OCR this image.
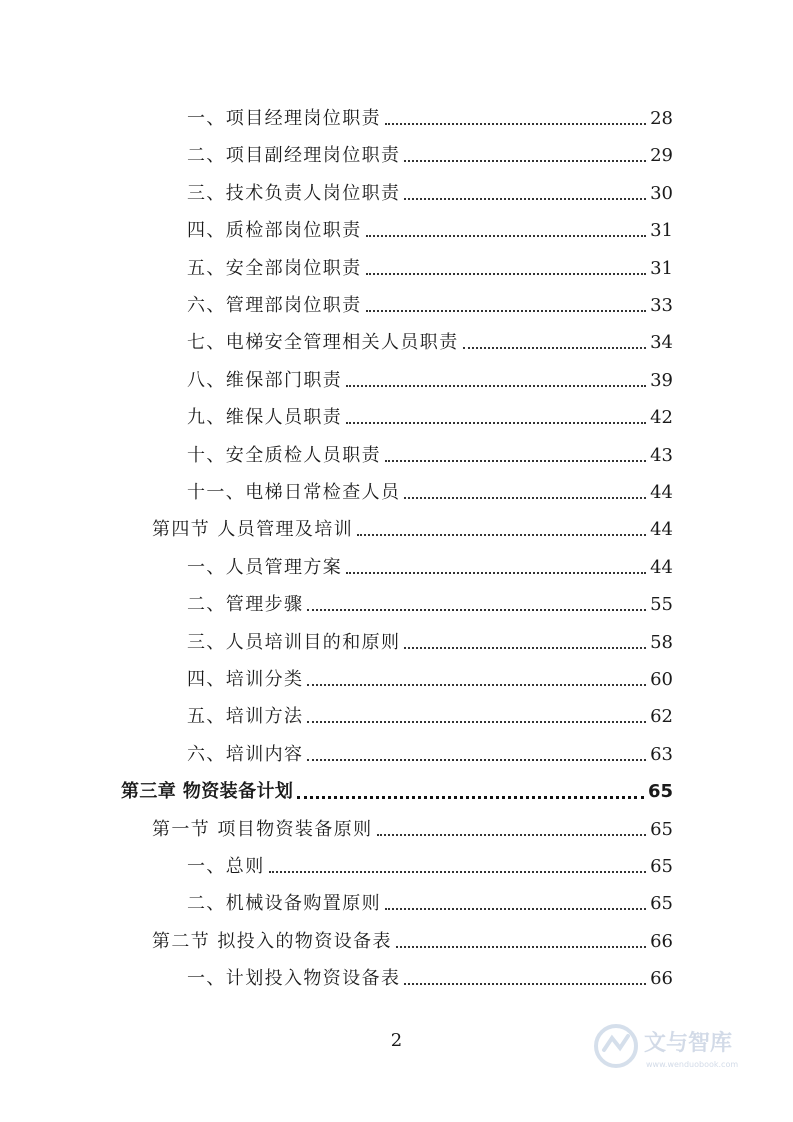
一、项目经理岗位职责	28
二、项目副经理岗位职责	29
三、技术负责人岗位职责	30
四、质检部岗位职责	31
五、安全部岗位职责	31
六、管理部岗位职责	33
七、电梯安全管理相关人员职责	34
八、维保部门职责	39
九、维保人员职责	42
十、安全质检人员职责	43
十一、电梯日常检查人员	44
第四节 人员管理及培训	44
一、人员管理方案	44
二、管理步骤	55
三、人员培训目的和原则	58
四、培训分类	60
五、培训方法	62
六、培训内容	63
第三章 物资装备计划	65
第一节 项目物资装备原则	65
一、总则	65
二、机械设备购置原则	65
第二节 拟投入的物资设备表	66
一、计划投入物资设备表	66
2	文与智库
www.wenduobook.com
